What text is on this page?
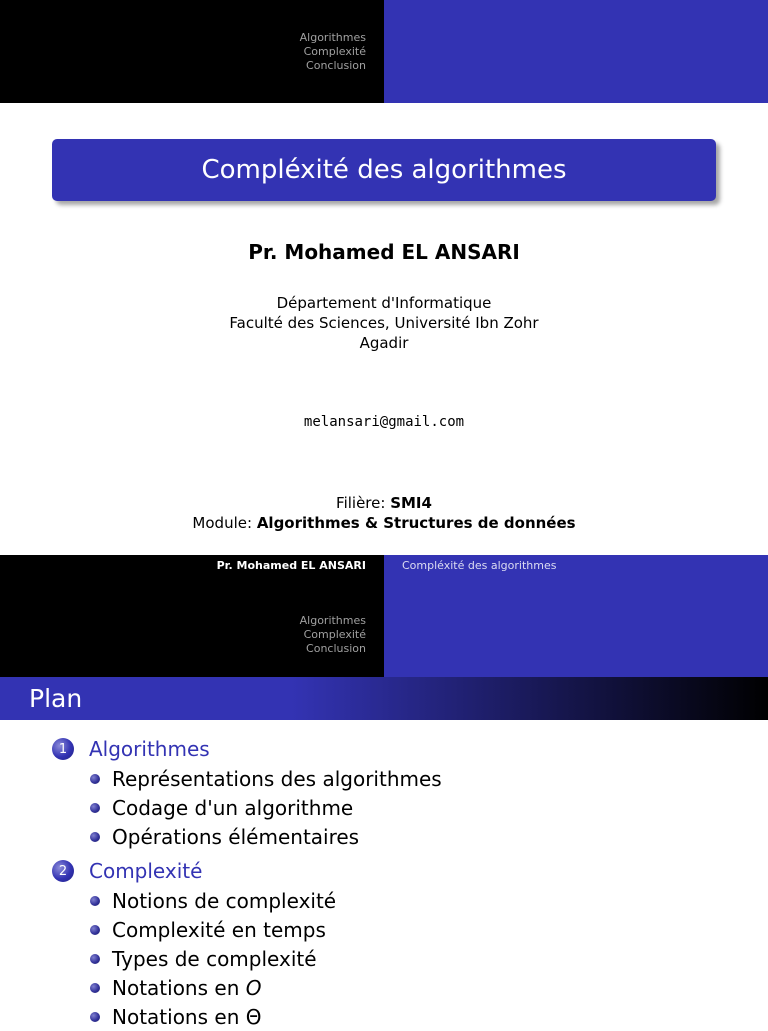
Algorithmes
Complexité
Conclusion
Compléxité des algorithmes
Pr. Mohamed EL ANSARI
Département d'Informatique
Faculté des Sciences, Université Ibn Zohr
Agadir
melansari@gmail.com
Filière: SMI4
Module: Algorithmes & Structures de données
Pr. Mohamed EL ANSARI	Compléxité des algorithmes
Algorithmes
Complexité
Conclusion
Plan
1	Algorithmes
Représentations des algorithmes
Codage d'un algorithme
Opérations élémentaires
2	Complexité
Notions de complexité
Complexité en temps
Types de complexité
Notations en O
Notations en Θ
